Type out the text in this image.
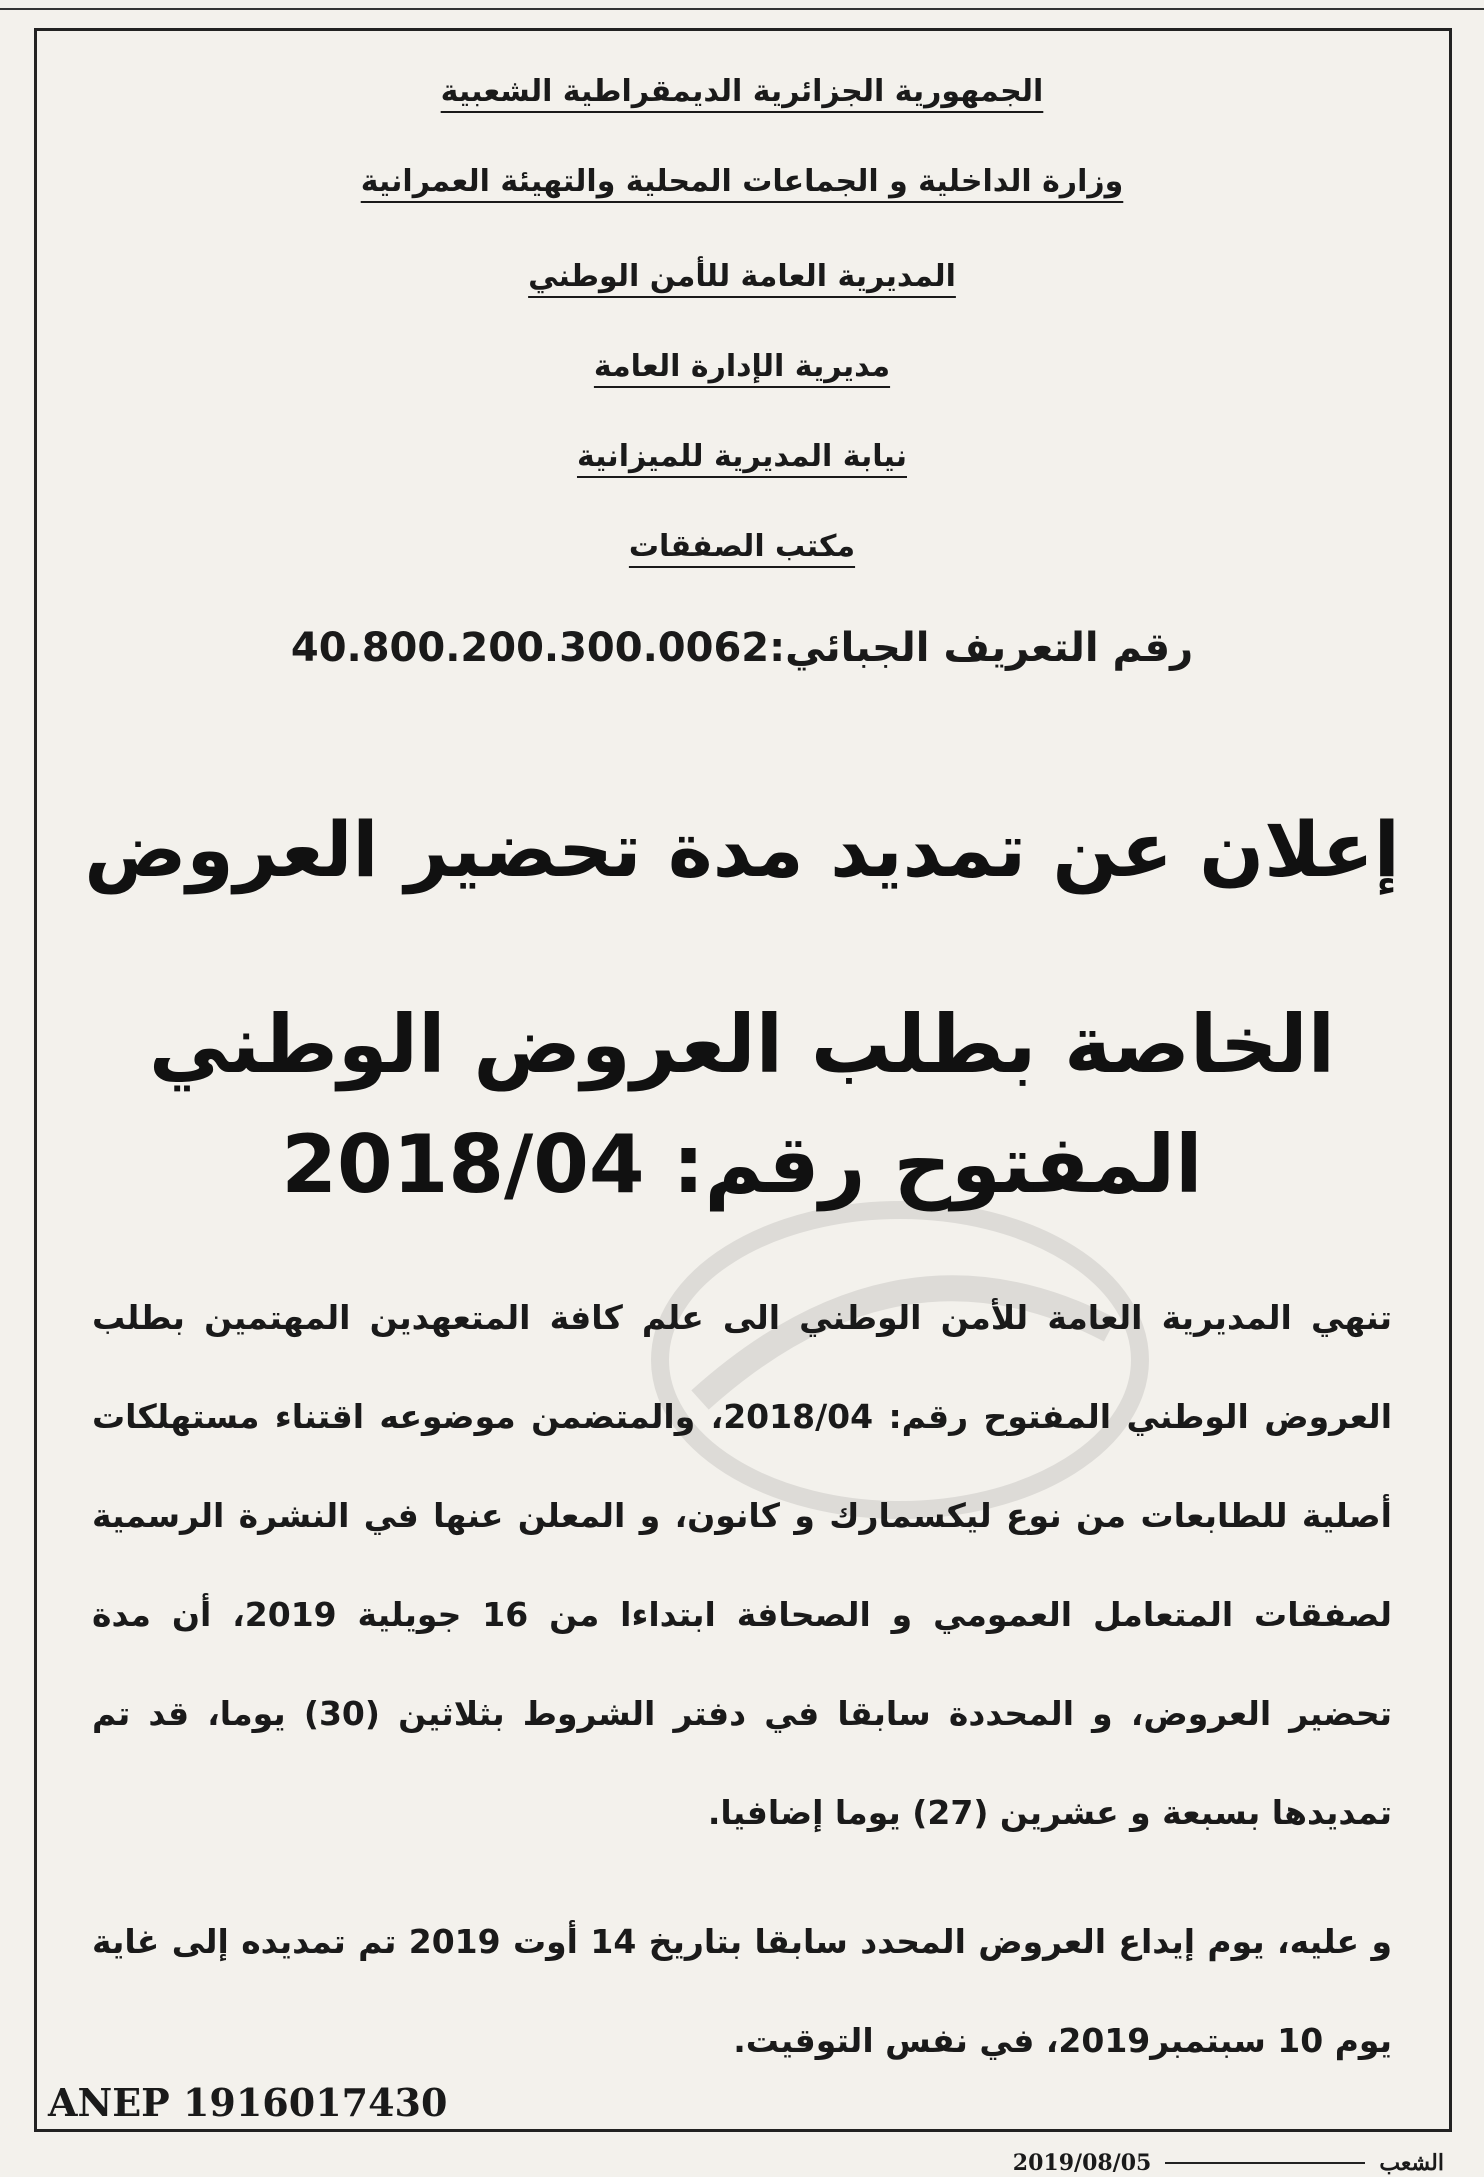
الجمهورية الجزائرية الديمقراطية الشعبية
وزارة الداخلية و الجماعات المحلية والتهيئة العمرانية
المديرية العامة للأمن الوطني
مديرية الإدارة العامة
نيابة المديرية للميزانية
مكتب الصفقات
رقم التعريف الجبائي:40.800.200.300.0062
إعلان عن تمديد مدة تحضير العروض
الخاصة بطلب العروض الوطني المفتوح رقم: 2018/04

تنهي المديرية العامة للأمن الوطني الى علم كافة المتعهدين المهتمين بطلب العروض الوطني المفتوح رقم: 2018/04، والمتضمن موضوعه اقتناء مستهلكات أصلية للطابعات من نوع ليكسمارك و كانون، و المعلن عنها في النشرة الرسمية لصفقات المتعامل العمومي و الصحافة ابتداءا من 16 جويلية 2019، أن مدة تحضير العروض، و المحددة سابقا في دفتر الشروط بثلاثين (30) يوما، قد تم تمديدها بسبعة و عشرين (27) يوما إضافيا.

و عليه، يوم إيداع العروض المحدد سابقا بتاريخ 14 أوت 2019 تم تمديده إلى غاية يوم 10 سبتمبر2019، في نفس التوقيت.

ANEP 1916017430
2019/08/05	الشعب
